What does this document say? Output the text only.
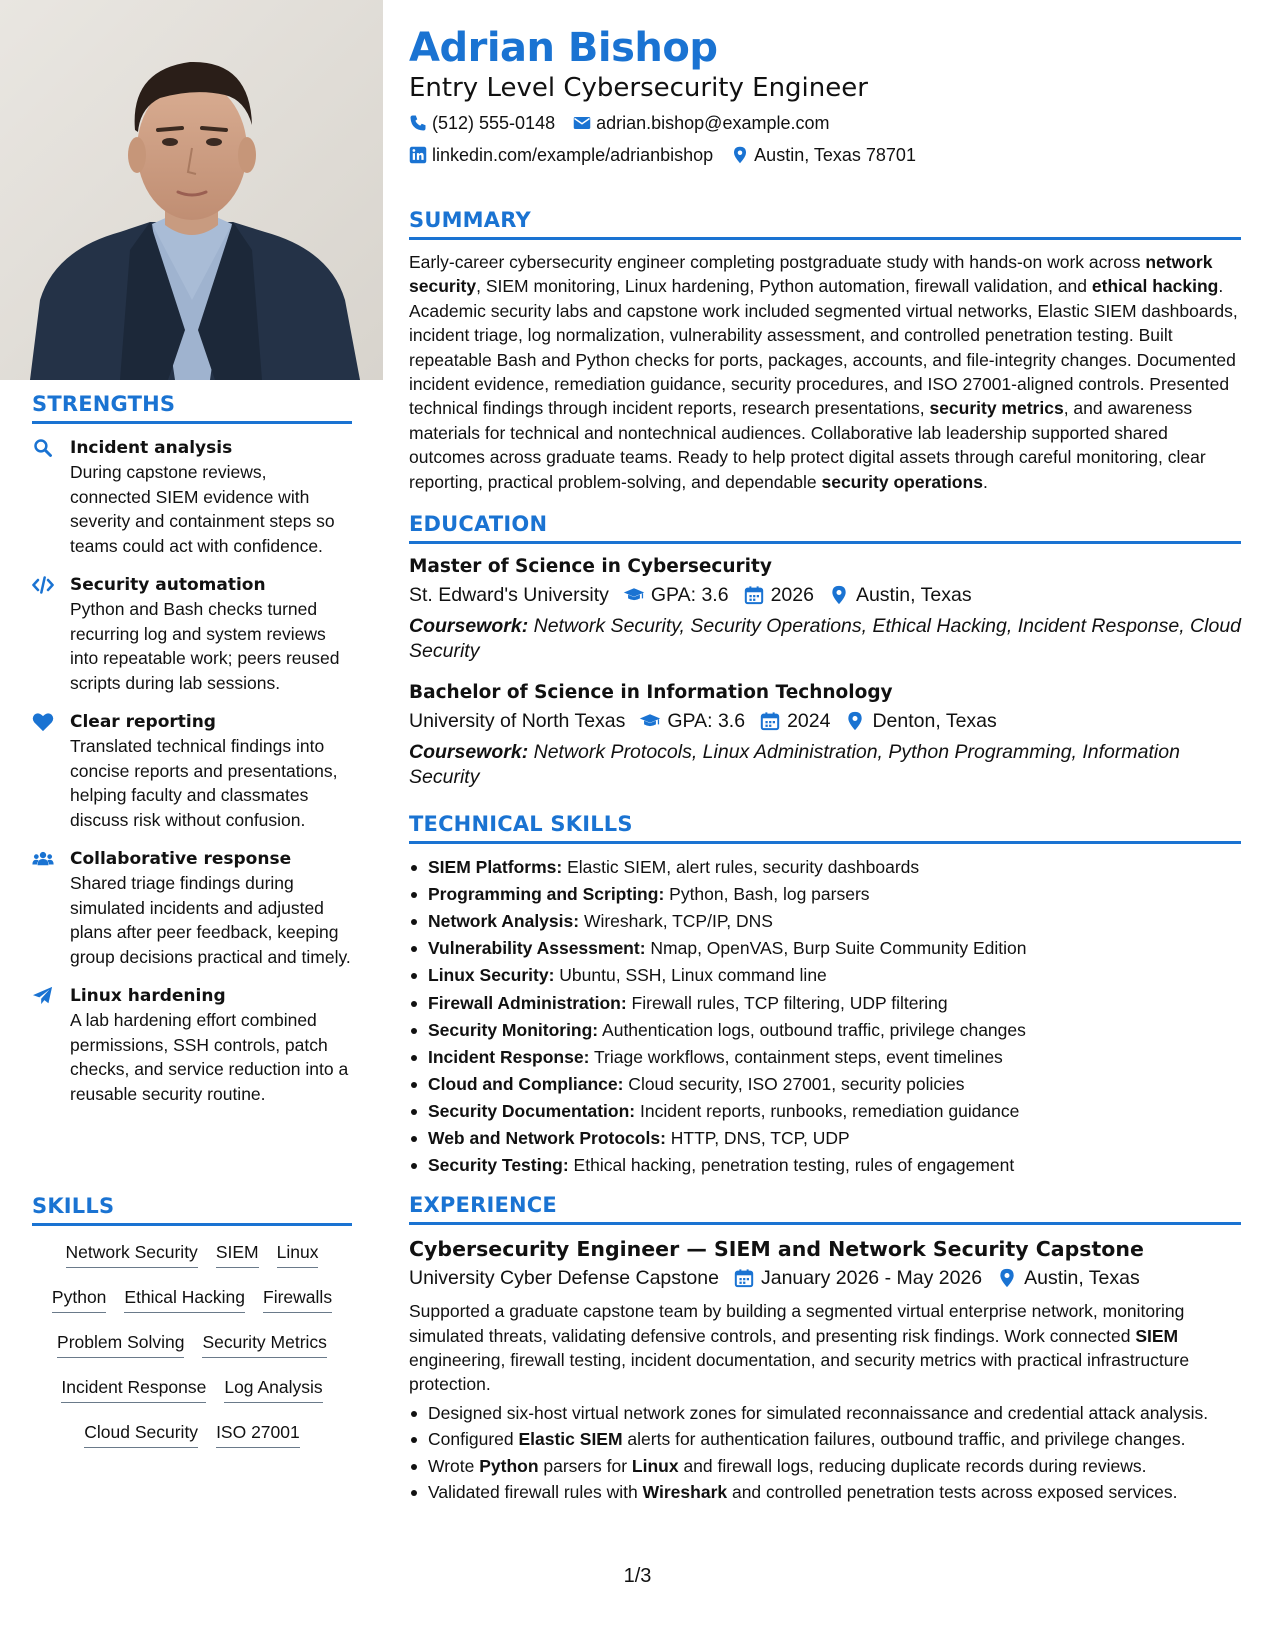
STRENGTHS
Incident analysis
During capstone reviews, connected SIEM evidence with severity and containment steps so teams could act with confidence.
Security automation
Python and Bash checks turned recurring log and system reviews into repeatable work; peers reused scripts during lab sessions.
Clear reporting
Translated technical findings into concise reports and presentations, helping faculty and classmates discuss risk without confusion.
Collaborative response
Shared triage findings during simulated incidents and adjusted plans after peer feedback, keeping group decisions practical and timely.
Linux hardening
A lab hardening effort combined permissions, SSH controls, patch checks, and service reduction into a reusable security routine.
SKILLS
Network Security SIEM Linux
Python Ethical Hacking Firewalls
Problem Solving Security Metrics
Incident Response Log Analysis
Cloud Security ISO 27001
Adrian Bishop
Entry Level Cybersecurity Engineer
(512) 555-0148 adrian.bishop@example.com
linkedin.com/example/adrianbishop Austin, Texas 78701
SUMMARY
Early-career cybersecurity engineer completing postgraduate study with hands-on work across network security, SIEM monitoring, Linux hardening, Python automation, firewall validation, and ethical hacking. Academic security labs and capstone work included segmented virtual networks, Elastic SIEM dashboards, incident triage, log normalization, vulnerability assessment, and controlled penetration testing. Built repeatable Bash and Python checks for ports, packages, accounts, and file-integrity changes. Documented incident evidence, remediation guidance, security procedures, and ISO 27001-aligned controls. Presented technical findings through incident reports, research presentations, security metrics, and awareness materials for technical and nontechnical audiences. Collaborative lab leadership supported shared outcomes across graduate teams. Ready to help protect digital assets through careful monitoring, clear reporting, practical problem-solving, and dependable security operations.
EDUCATION
Master of Science in Cybersecurity
St. Edward's University GPA: 3.6 2026 Austin, Texas
Coursework: Network Security, Security Operations, Ethical Hacking, Incident Response, Cloud Security
Bachelor of Science in Information Technology
University of North Texas GPA: 3.6 2024 Denton, Texas
Coursework: Network Protocols, Linux Administration, Python Programming, Information Security
TECHNICAL SKILLS
SIEM Platforms: Elastic SIEM, alert rules, security dashboards
Programming and Scripting: Python, Bash, log parsers
Network Analysis: Wireshark, TCP/IP, DNS
Vulnerability Assessment: Nmap, OpenVAS, Burp Suite Community Edition
Linux Security: Ubuntu, SSH, Linux command line
Firewall Administration: Firewall rules, TCP filtering, UDP filtering
Security Monitoring: Authentication logs, outbound traffic, privilege changes
Incident Response: Triage workflows, containment steps, event timelines
Cloud and Compliance: Cloud security, ISO 27001, security policies
Security Documentation: Incident reports, runbooks, remediation guidance
Web and Network Protocols: HTTP, DNS, TCP, UDP
Security Testing: Ethical hacking, penetration testing, rules of engagement
EXPERIENCE
Cybersecurity Engineer — SIEM and Network Security Capstone
University Cyber Defense Capstone January 2026 - May 2026 Austin, Texas
Supported a graduate capstone team by building a segmented virtual enterprise network, monitoring simulated threats, validating defensive controls, and presenting risk findings. Work connected SIEM engineering, firewall testing, incident documentation, and security metrics with practical infrastructure protection.
Designed six-host virtual network zones for simulated reconnaissance and credential attack analysis.
Configured Elastic SIEM alerts for authentication failures, outbound traffic, and privilege changes.
Wrote Python parsers for Linux and firewall logs, reducing duplicate records during reviews.
Validated firewall rules with Wireshark and controlled penetration tests across exposed services.
1/3
